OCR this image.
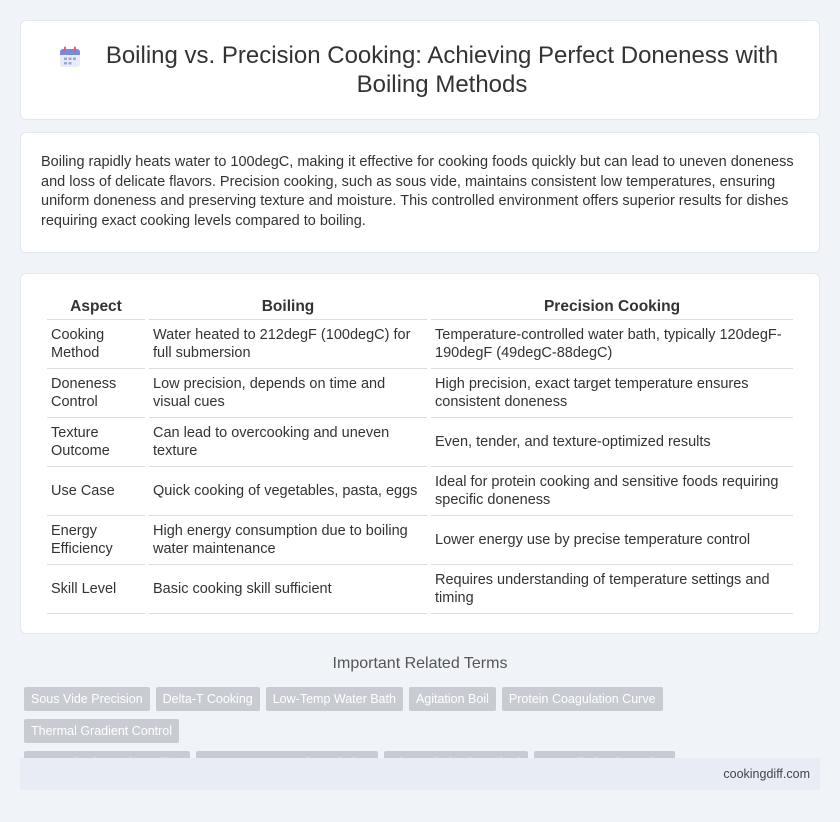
Boiling vs. Precision Cooking: Achieving Perfect Doneness with Boiling Methods

Boiling rapidly heats water to 100degC, making it effective for cooking foods quickly but can lead to uneven doneness and loss of delicate flavors. Precision cooking, such as sous vide, maintains consistent low temperatures, ensuring uniform doneness and preserving texture and moisture. This controlled environment offers superior results for dishes requiring exact cooking levels compared to boiling.

Aspect	Boiling	Precision Cooking
Cooking Method	Water heated to 212degF (100degC) for full submersion	Temperature-controlled water bath, typically 120degF-190degF (49degC-88degC)
Doneness Control	Low precision, depends on time and visual cues	High precision, exact target temperature ensures consistent doneness
Texture Outcome	Can lead to overcooking and uneven texture	Even, tender, and texture-optimized results
Use Case	Quick cooking of vegetables, pasta, eggs	Ideal for protein cooking and sensitive foods requiring specific doneness
Energy Efficiency	High energy consumption due to boiling water maintenance	Lower energy use by precise temperature control
Skill Level	Basic cooking skill sufficient	Requires understanding of temperature settings and timing
Important Related Terms
Sous Vide Precision Delta-T Cooking Low-Temp Water Bath Agitation Boil Protein Coagulation CurveThermal Gradient Control

cookingdiff.com
